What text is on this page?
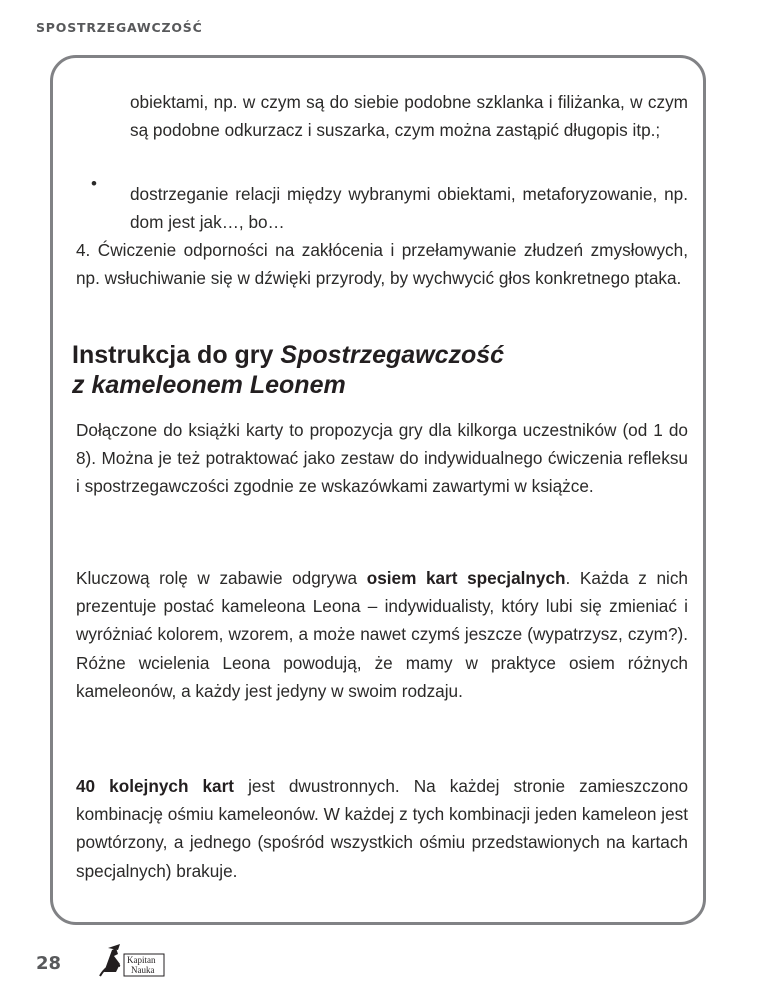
SPOSTRZEGAWCZOŚĆ
obiektami, np. w czym są do siebie podobne szklanka i filiżanka, w czym są podobne odkurzacz i suszarka, czym można zastąpić długopis itp.;
•
dostrzeganie relacji między wybranymi obiektami, metaforyzowanie, np. dom jest jak…, bo…
4. Ćwiczenie odporności na zakłócenia i przełamywanie złudzeń zmysłowych, np. wsłuchiwanie się w dźwięki przyrody, by wychwycić głos konkretnego ptaka.
Instrukcja do gry Spostrzegawczość
z kameleonem Leonem
Dołączone do książki karty to propozycja gry dla kilkorga uczestników (od 1 do 8). Można je też potraktować jako zestaw do indywidualnego ćwiczenia refleksu i spostrzegawczości zgodnie ze wskazówkami zawartymi w książce.
Kluczową rolę w zabawie odgrywa osiem kart specjalnych. Każda z nich prezentuje postać kameleona Leona – indywidualisty, który lubi się zmieniać i wyróżniać kolorem, wzorem, a może nawet czymś jeszcze (wypatrzysz, czym?). Różne wcielenia Leona powodują, że mamy w praktyce osiem różnych kameleonów, a każdy jest jedyny w swoim rodzaju.
40 kolejnych kart jest dwustronnych. Na każdej stronie zamieszczono kombinację ośmiu kameleonów. W każdej z tych kombinacji jeden kameleon jest powtórzony, a jednego (spośród wszystkich ośmiu przedstawionych na kartach specjalnych) brakuje.
28	Kapitan
Nauka
